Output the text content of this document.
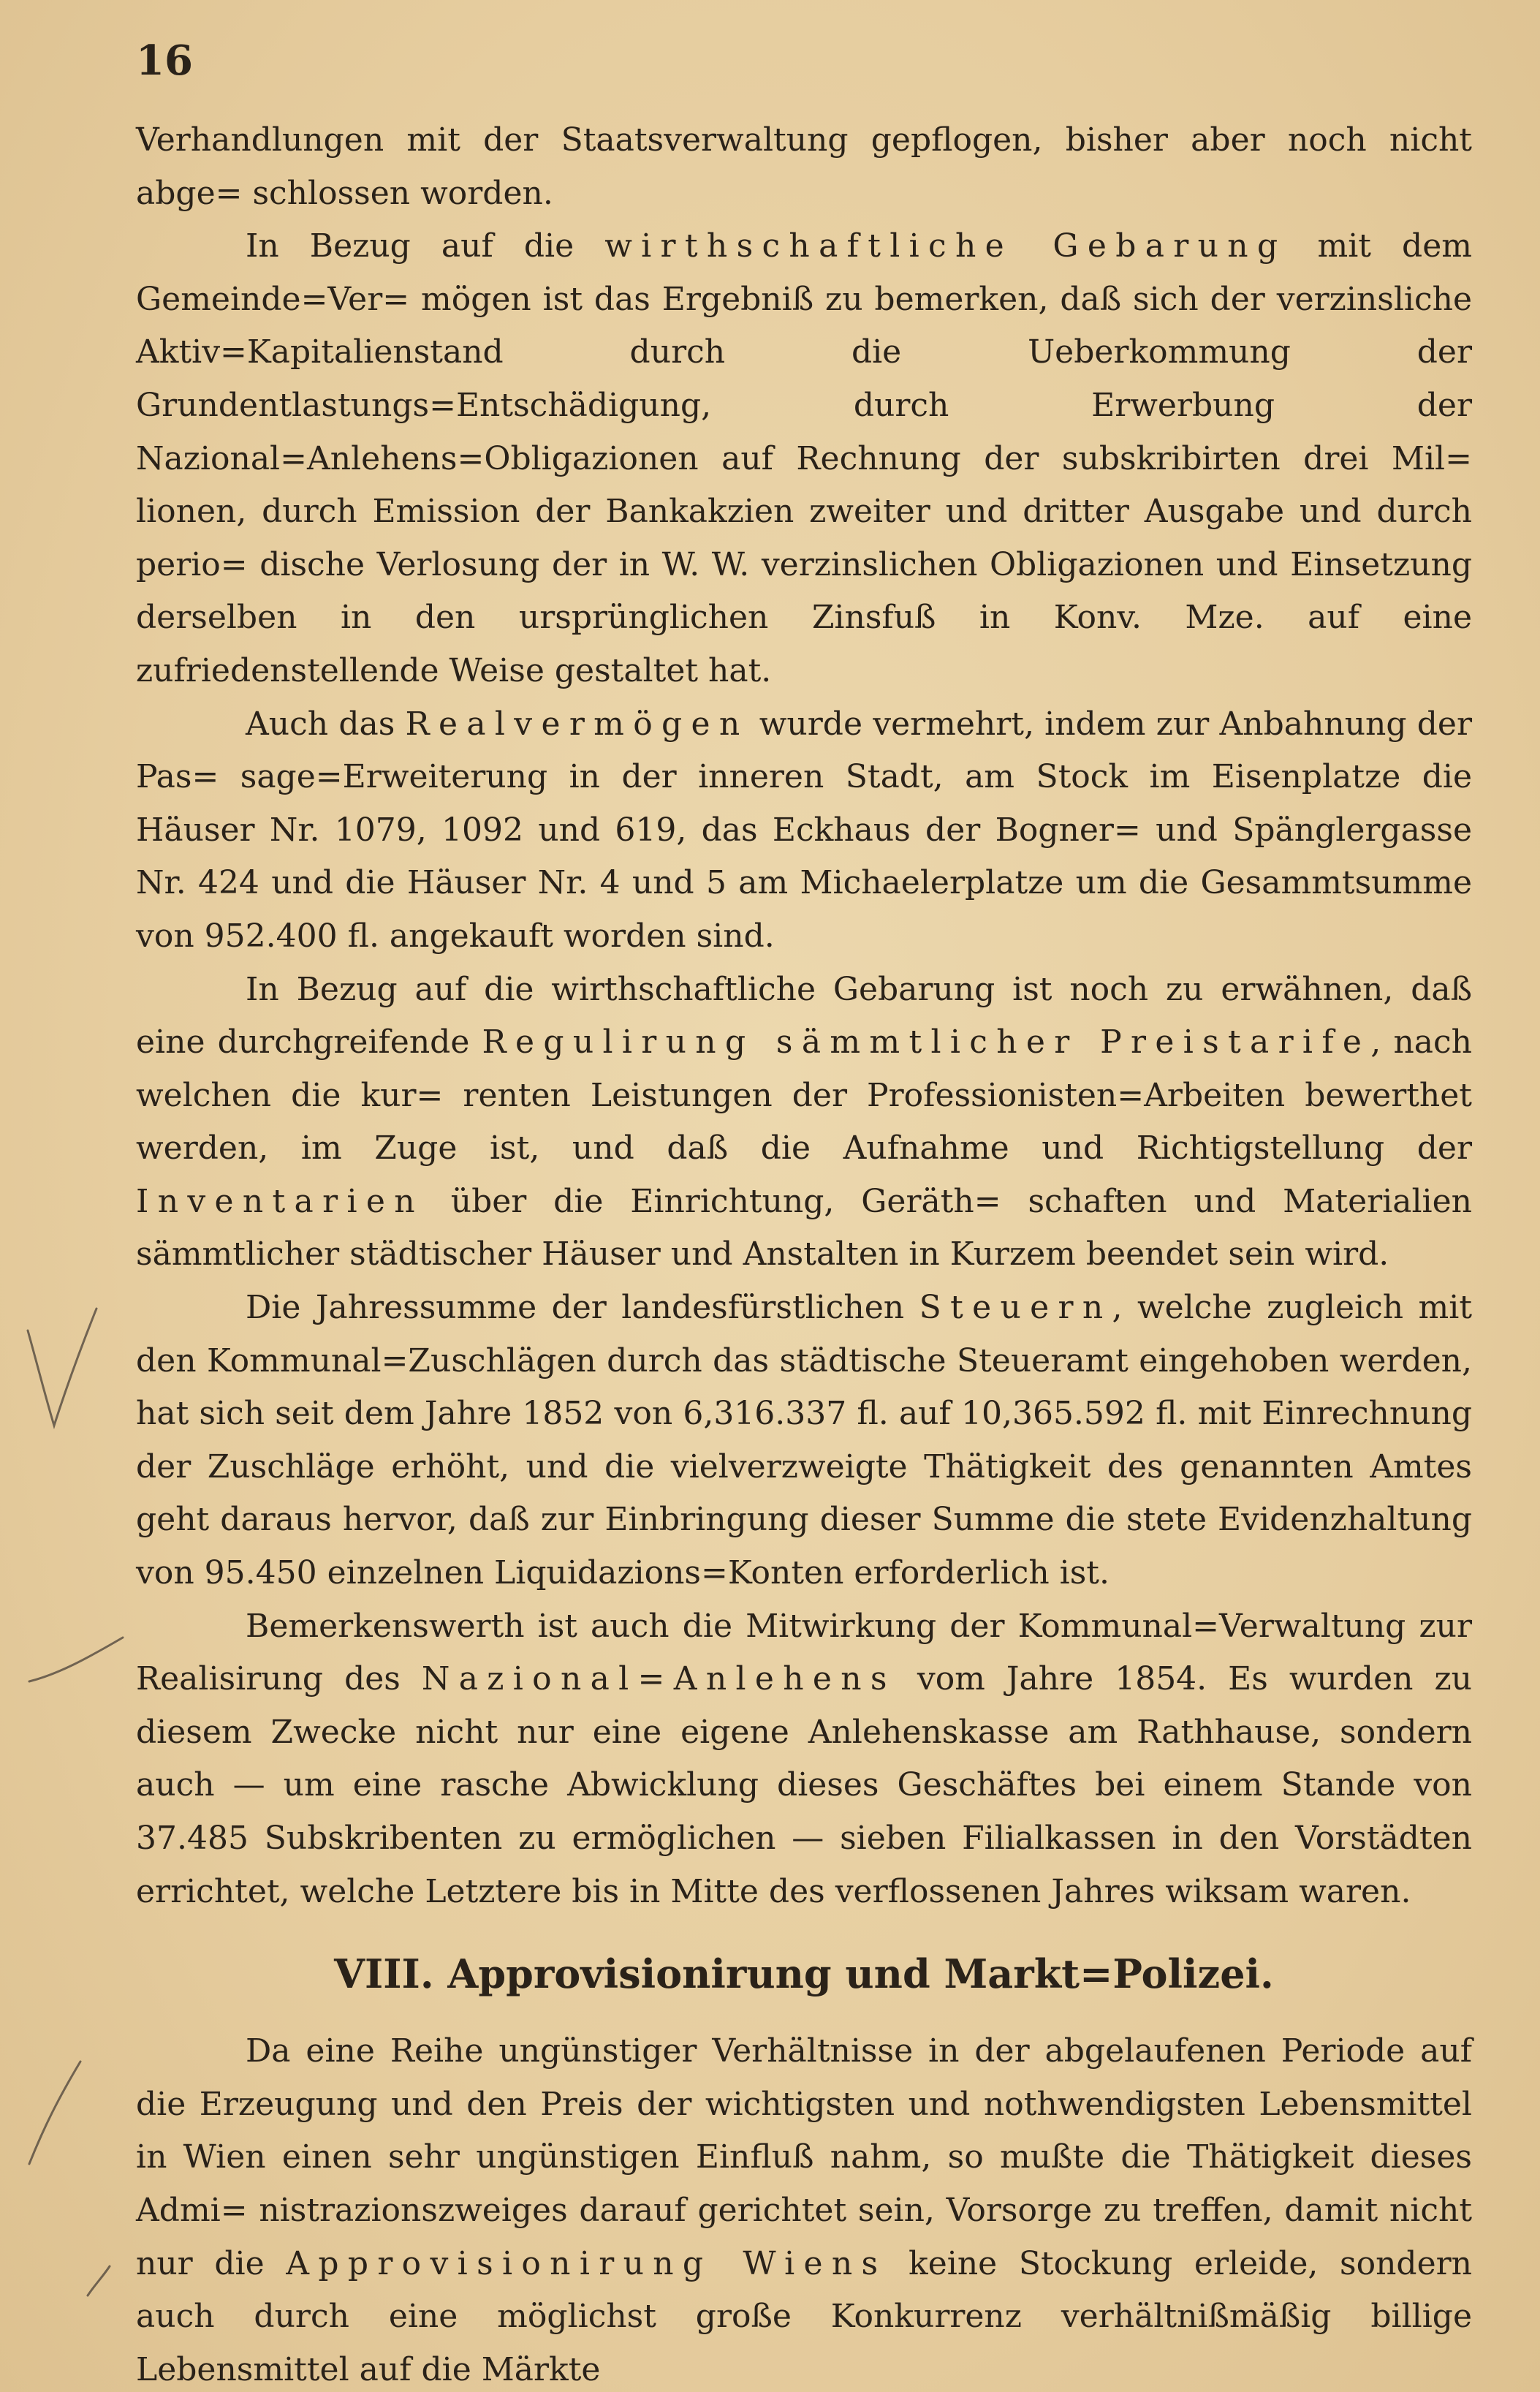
16

Verhandlungen mit der Staatsverwaltung gepflogen, bisher aber noch nicht abge= schlossen worden.

In Bezug auf die wirthschaftliche Gebarung mit dem Gemeinde=Ver= mögen ist das Ergebniß zu bemerken, daß sich der verzinsliche Aktiv=Kapitalienstand durch die Ueberkommung der Grundentlastungs=Entschädigung, durch Erwerbung der Nazional=Anlehens=Obligazionen auf Rechnung der subskribirten drei Mil= lionen, durch Emission der Bankakzien zweiter und dritter Ausgabe und durch perio= dische Verlosung der in W. W. verzinslichen Obligazionen und Einsetzung derselben in den ursprünglichen Zinsfuß in Konv. Mze. auf eine zufriedenstellende Weise gestaltet hat.

Auch das Realvermögen wurde vermehrt, indem zur Anbahnung der Pas= sage=Erweiterung in der inneren Stadt, am Stock im Eisenplatze die Häuser Nr. 1079, 1092 und 619, das Eckhaus der Bogner= und Spänglergasse Nr. 424 und die Häuser Nr. 4 und 5 am Michaelerplatze um die Gesammtsumme von 952.400 fl. angekauft worden sind.

In Bezug auf die wirthschaftliche Gebarung ist noch zu erwähnen, daß eine durchgreifende Regulirung sämmtlicher Preistarife, nach welchen die kur= renten Leistungen der Professionisten=Arbeiten bewerthet werden, im Zuge ist, und daß die Aufnahme und Richtigstellung der Inventarien über die Einrichtung, Geräth= schaften und Materialien sämmtlicher städtischer Häuser und Anstalten in Kurzem beendet sein wird.

Die Jahressumme der landesfürstlichen Steuern, welche zugleich mit den Kommunal=Zuschlägen durch das städtische Steueramt eingehoben werden, hat sich seit dem Jahre 1852 von 6,316.337 fl. auf 10,365.592 fl. mit Einrechnung der Zuschläge erhöht, und die vielverzweigte Thätigkeit des genannten Amtes geht daraus hervor, daß zur Einbringung dieser Summe die stete Evidenzhaltung von 95.450 einzelnen Liquidazions=Konten erforderlich ist.

Bemerkenswerth ist auch die Mitwirkung der Kommunal=Verwaltung zur Realisirung des Nazional=Anlehens vom Jahre 1854. Es wurden zu diesem Zwecke nicht nur eine eigene Anlehenskasse am Rathhause, sondern auch — um eine rasche Abwicklung dieses Geschäftes bei einem Stande von 37.485 Subskribenten zu ermöglichen — sieben Filialkassen in den Vorstädten errichtet, welche Letztere bis in Mitte des verflossenen Jahres wiksam waren.

VIII. Approvisionirung und Markt=Polizei.

Da eine Reihe ungünstiger Verhältnisse in der abgelaufenen Periode auf die Erzeugung und den Preis der wichtigsten und nothwendigsten Lebensmittel in Wien einen sehr ungünstigen Einfluß nahm, so mußte die Thätigkeit dieses Admi= nistrazionszweiges darauf gerichtet sein, Vorsorge zu treffen, damit nicht nur die Approvisionirung Wiens keine Stockung erleide, sondern auch durch eine möglichst große Konkurrenz verhältnißmäßig billige Lebensmittel auf die Märkte
